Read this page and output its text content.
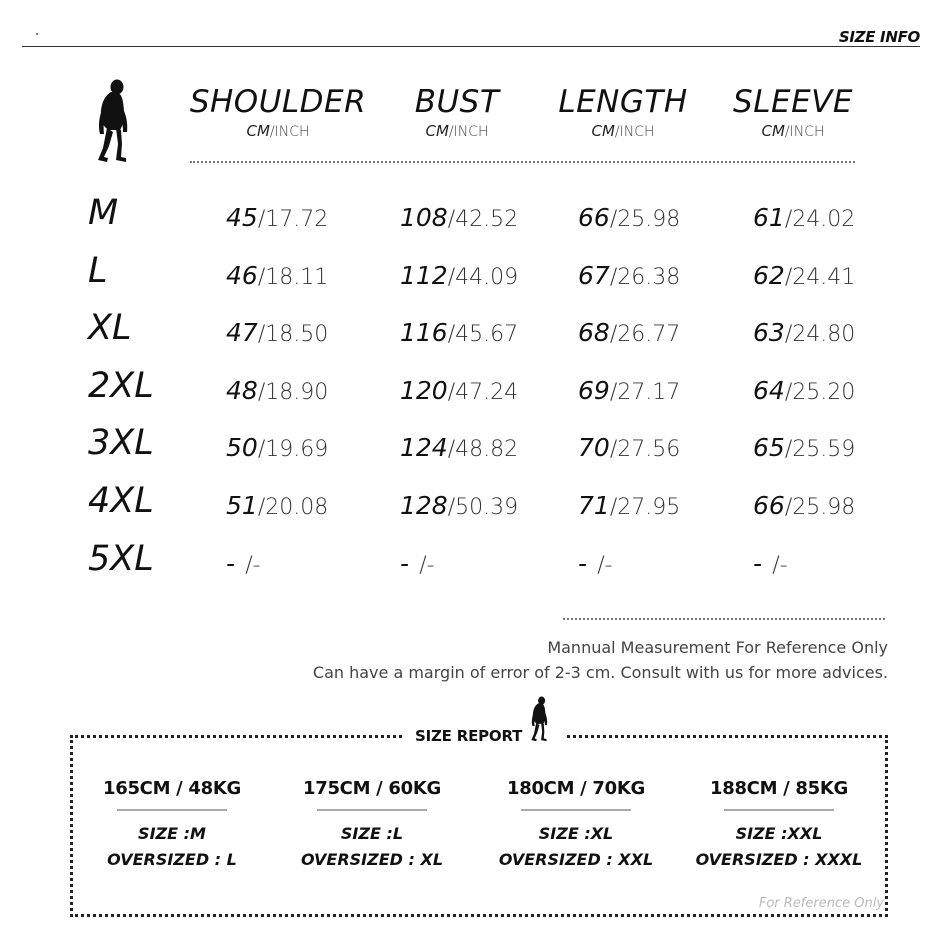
SIZE INFO
SHOULDER
CM/INCH
BUST
CM/INCH
LENGTH
CM/INCH
SLEEVE
CM/INCH
M	45/17.72	108/42.52 66/25.98	61/24.02
L	46/18.11	112/44.09 67/26.38	62/24.41
XL	47/18.50	116/45.67 68/26.77	63/24.80
2XL	48/18.90	120/47.24 69/27.17	64/25.20
3XL	50/19.69	124/48.82 70/27.56	65/25.59
4XL	51/20.08	128/50.39 71/27.95	66/25.98
5XL	- /-	- /-	- /-	- /-
Mannual Measurement For Reference Only
Can have a margin of error of 2-3 cm. Consult with us for more advices.
SIZE REPORT
165CM / 48KG
SIZE :M
OVERSIZED : L
175CM / 60KG
SIZE :L
OVERSIZED : XL
180CM / 70KG
SIZE :XL
OVERSIZED : XXL
188CM / 85KG
SIZE :XXL
OVERSIZED : XXXL
For Reference Only
